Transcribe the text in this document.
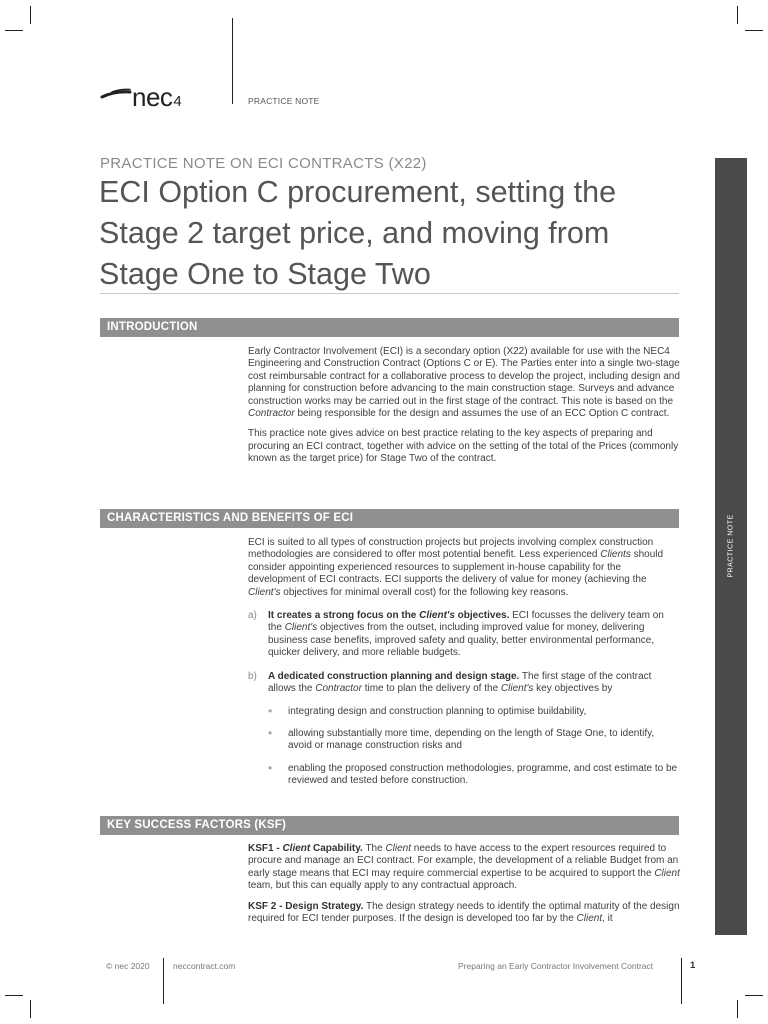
nec4	PRACTICE NOTE
PRACTICE NOTE ON ECI CONTRACTS (X22)
ECI Option C procurement, setting the
Stage 2 target price, and moving from
Stage One to Stage Two
PRACTICE NOTE
INTRODUCTION

Early Contractor Involvement (ECI) is a secondary option (X22) available for use with the NEC4 Engineering and Construction Contract (Options C or E). The Parties enter into a single two-stage cost reimbursable contract for a collaborative process to develop the project, including design and planning for construction before advancing to the main construction stage. Surveys and advance construction works may be carried out in the first stage of the contract. This note is based on the Contractor being responsible for the design and assumes the use of an ECC Option C contract.

This practice note gives advice on best practice relating to the key aspects of preparing and procuring an ECI contract, together with advice on the setting of the total of the Prices (commonly known as the target price) for Stage Two of the contract.

CHARACTERISTICS AND BENEFITS OF ECI

ECI is suited to all types of construction projects but projects involving complex construction methodologies are considered to offer most potential benefit. Less experienced Clients should consider appointing experienced resources to supplement in-house capability for the development of ECI contracts. ECI supports the delivery of value for money (achieving the Client's objectives for minimal overall cost) for the following key reasons.

a) It creates a strong focus on the Client's objectives. ECI focusses the delivery team on the Client's objectives from the outset, including improved value for money, delivering business case benefits, improved safety and quality, better environmental performance, quicker delivery, and more reliable budgets.
b) A dedicated construction planning and design stage. The first stage of the contract allows the Contractor time to plan the delivery of the Client's key objectives by
• integrating design and construction planning to optimise buildability,
• allowing substantially more time, depending on the length of Stage One, to identify, avoid or manage construction risks and
• enabling the proposed construction methodologies, programme, and cost estimate to be reviewed and tested before construction.
KEY SUCCESS FACTORS (KSF)

KSF1 - Client Capability. The Client needs to have access to the expert resources required to procure and manage an ECI contract. For example, the development of a reliable Budget from an early stage means that ECI may require commercial expertise to be acquired to support the Client team, but this can equally apply to any contractual approach.

KSF 2 - Design Strategy. The design strategy needs to identify the optimal maturity of the design required for ECI tender purposes. If the design is developed too far by the Client, it

© nec 2020	neccontract.com	Preparing an Early Contractor Involvement Contract	1
